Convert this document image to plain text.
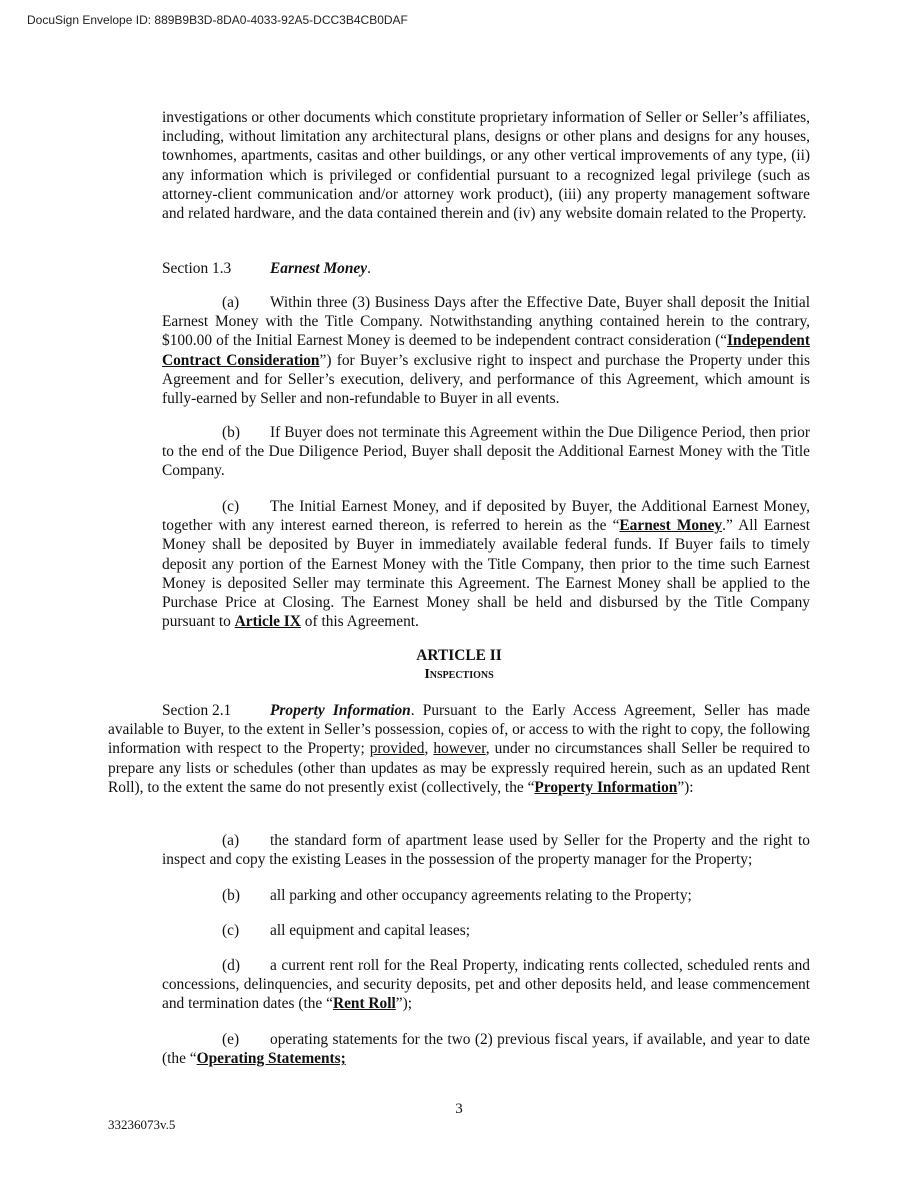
DocuSign Envelope ID: 889B9B3D-8DA0-4033-92A5-DCC3B4CB0DAF
investigations or other documents which constitute proprietary information of Seller or Seller’s affiliates, including, without limitation any architectural plans, designs or other plans and designs for any houses, townhomes, apartments, casitas and other buildings, or any other vertical improvements of any type, (ii) any information which is privileged or confidential pursuant to a recognized legal privilege (such as attorney-client communication and/or attorney work product), (iii) any property management software and related hardware, and the data contained therein and (iv) any website domain related to the Property.
Section 1.3	Earnest Money.
(a) Within three (3) Business Days after the Effective Date, Buyer shall deposit the Initial Earnest Money with the Title Company. Notwithstanding anything contained herein to the contrary, $100.00 of the Initial Earnest Money is deemed to be independent contract consideration (“Independent Contract Consideration”) for Buyer’s exclusive right to inspect and purchase the Property under this Agreement and for Seller’s execution, delivery, and performance of this Agreement, which amount is fully-earned by Seller and non-refundable to Buyer in all events.
(b) If Buyer does not terminate this Agreement within the Due Diligence Period, then prior to the end of the Due Diligence Period, Buyer shall deposit the Additional Earnest Money with the Title Company.
(c) The Initial Earnest Money, and if deposited by Buyer, the Additional Earnest Money, together with any interest earned thereon, is referred to herein as the “Earnest Money.” All Earnest Money shall be deposited by Buyer in immediately available federal funds. If Buyer fails to timely deposit any portion of the Earnest Money with the Title Company, then prior to the time such Earnest Money is deposited Seller may terminate this Agreement. The Earnest Money shall be applied to the Purchase Price at Closing. The Earnest Money shall be held and disbursed by the Title Company pursuant to Article IX of this Agreement.
ARTICLE II
Inspections
Section 2.1	Property Information. Pursuant to the Early Access Agreement, Seller has made available to Buyer, to the extent in Seller’s possession, copies of, or access to with the right to copy, the following information with respect to the Property; provided, however, under no circumstances shall Seller be required to prepare any lists or schedules (other than updates as may be expressly required herein, such as an updated Rent Roll), to the extent the same do not presently exist (collectively, the “Property Information”):
(a) the standard form of apartment lease used by Seller for the Property and the right to inspect and copy the existing Leases in the possession of the property manager for the Property;
(b) all parking and other occupancy agreements relating to the Property;
(c) all equipment and capital leases;
(d) a current rent roll for the Real Property, indicating rents collected, scheduled rents and concessions, delinquencies, and security deposits, pet and other deposits held, and lease commencement and termination dates (the “Rent Roll”);
(e) operating statements for the two (2) previous fiscal years, if available, and year to date (the “Operating Statements;
3
33236073v.5
